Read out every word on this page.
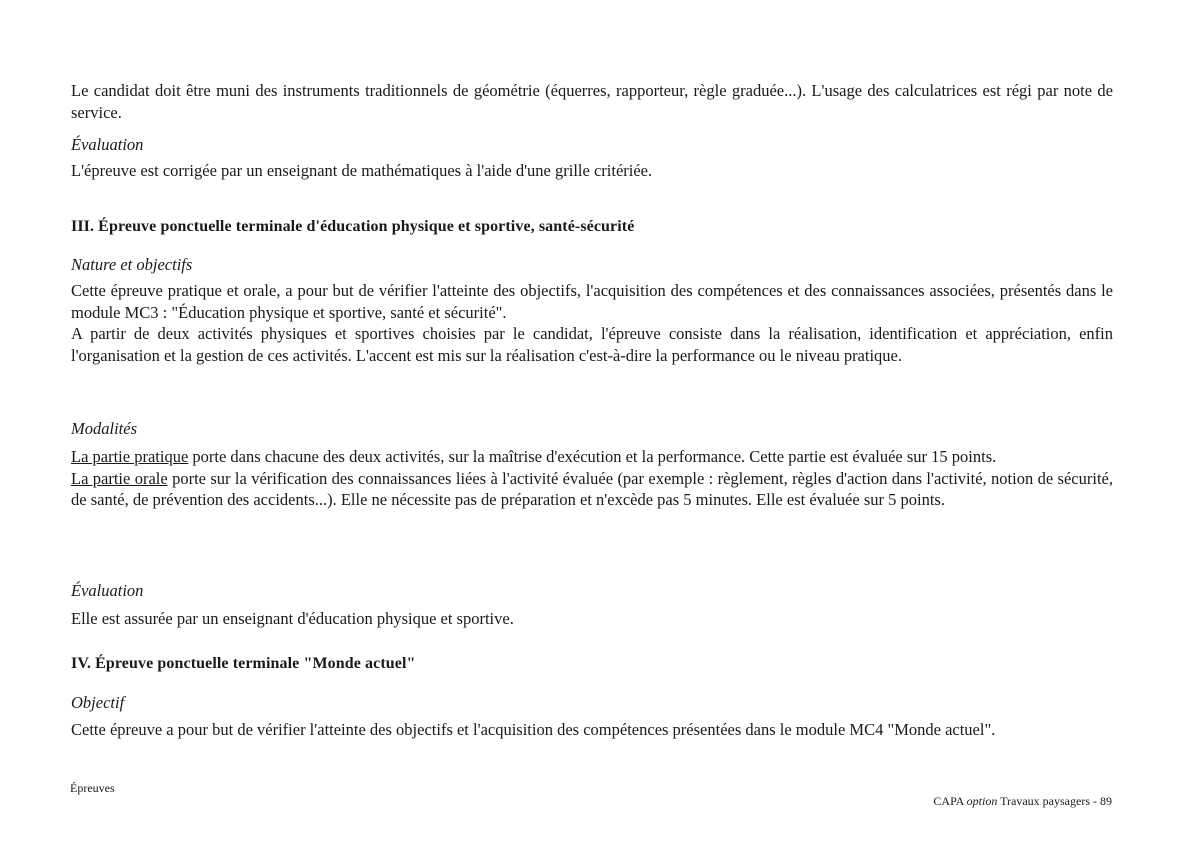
Le candidat doit être muni des instruments traditionnels de géométrie (équerres, rapporteur, règle graduée...). L'usage des calculatrices est régi par note de service.

Évaluation

L'épreuve est corrigée par un enseignant de mathématiques à l'aide d'une grille critériée.

III. Épreuve ponctuelle terminale d'éducation physique et sportive, santé-sécurité
Nature et objectifs

Cette épreuve pratique et orale, a pour but de vérifier l'atteinte des objectifs, l'acquisition des compétences et des connaissances associées, présentés dans le module MC3 : "Éducation physique et sportive, santé et sécurité".

A partir de deux activités physiques et sportives choisies par le candidat, l'épreuve consiste dans la réalisation, identification et appréciation, enfin l'organisation et la gestion de ces activités. L'accent est mis sur la réalisation c'est-à-dire la performance ou le niveau pratique.

Modalités

La partie pratique porte dans chacune des deux activités, sur la maîtrise d'exécution et la performance. Cette partie est évaluée sur 15 points.

La partie orale porte sur la vérification des connaissances liées à l'activité évaluée (par exemple : règlement, règles d'action dans l'activité, notion de sécurité, de santé, de prévention des accidents...). Elle ne nécessite pas de préparation et n'excède pas 5 minutes. Elle est évaluée sur 5 points.

Évaluation

Elle est assurée par un enseignant d'éducation physique et sportive.

IV. Épreuve ponctuelle terminale "Monde actuel"
Objectif

Cette épreuve a pour but de vérifier l'atteinte des objectifs et l'acquisition des compétences présentées dans le module MC4 "Monde actuel".

Épreuves
CAPA option Travaux paysagers - 89
